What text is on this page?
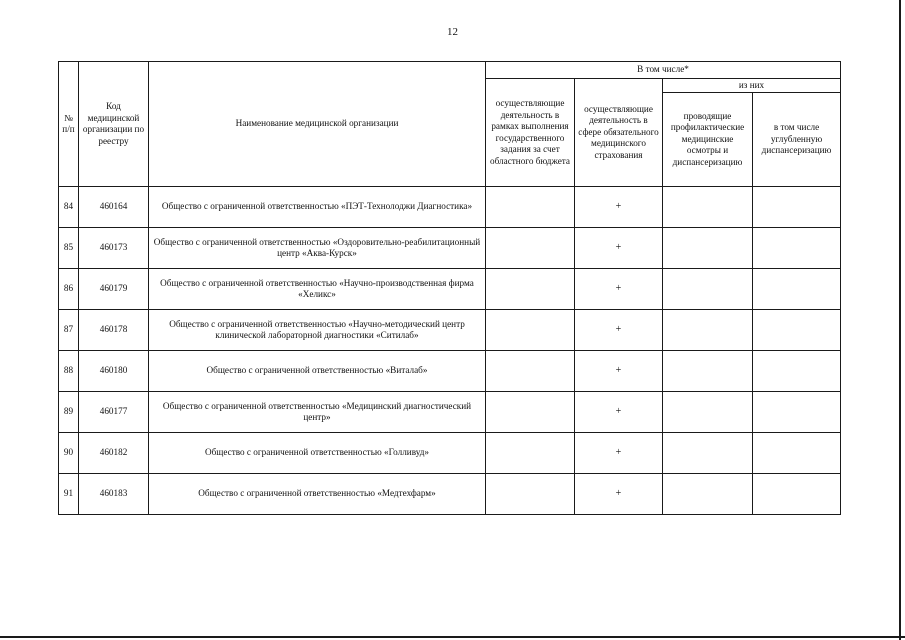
12
№ п/п	Код медицинской организации по реестру	Наименование медицинской организации	В том числе*			
			осуществляющие деятельность в рамках выполнения государственного задания за счет областного бюджета	осуществляющие деятельность в сфере обязательного медицинского страхования	из них	
					проводящие профилактические медицинские осмотры и диспансеризацию	в том числе углубленную диспансеризацию
84	460164	Общество с ограниченной ответственностью «ПЭТ-Технолоджи Диагностика»		+		
85	460173	Общество с ограниченной ответственностью «Оздоровительно-реабилитационный центр «Аква-Курск»		+		
86	460179	Общество с ограниченной ответственностью «Научно-производственная фирма «Хеликс»		+		
87	460178	Общество с ограниченной ответственностью «Научно-методический центр клинической лабораторной диагностики «Ситилаб»		+		
88	460180	Общество с ограниченной ответственностью «Виталаб»		+		
89	460177	Общество с ограниченной ответственностью «Медицинский диагностический центр»		+		
90	460182	Общество с ограниченной ответственностью «Голливуд»		+		
91	460183	Общество с ограниченной ответственностью «Медтехфарм»		+		
